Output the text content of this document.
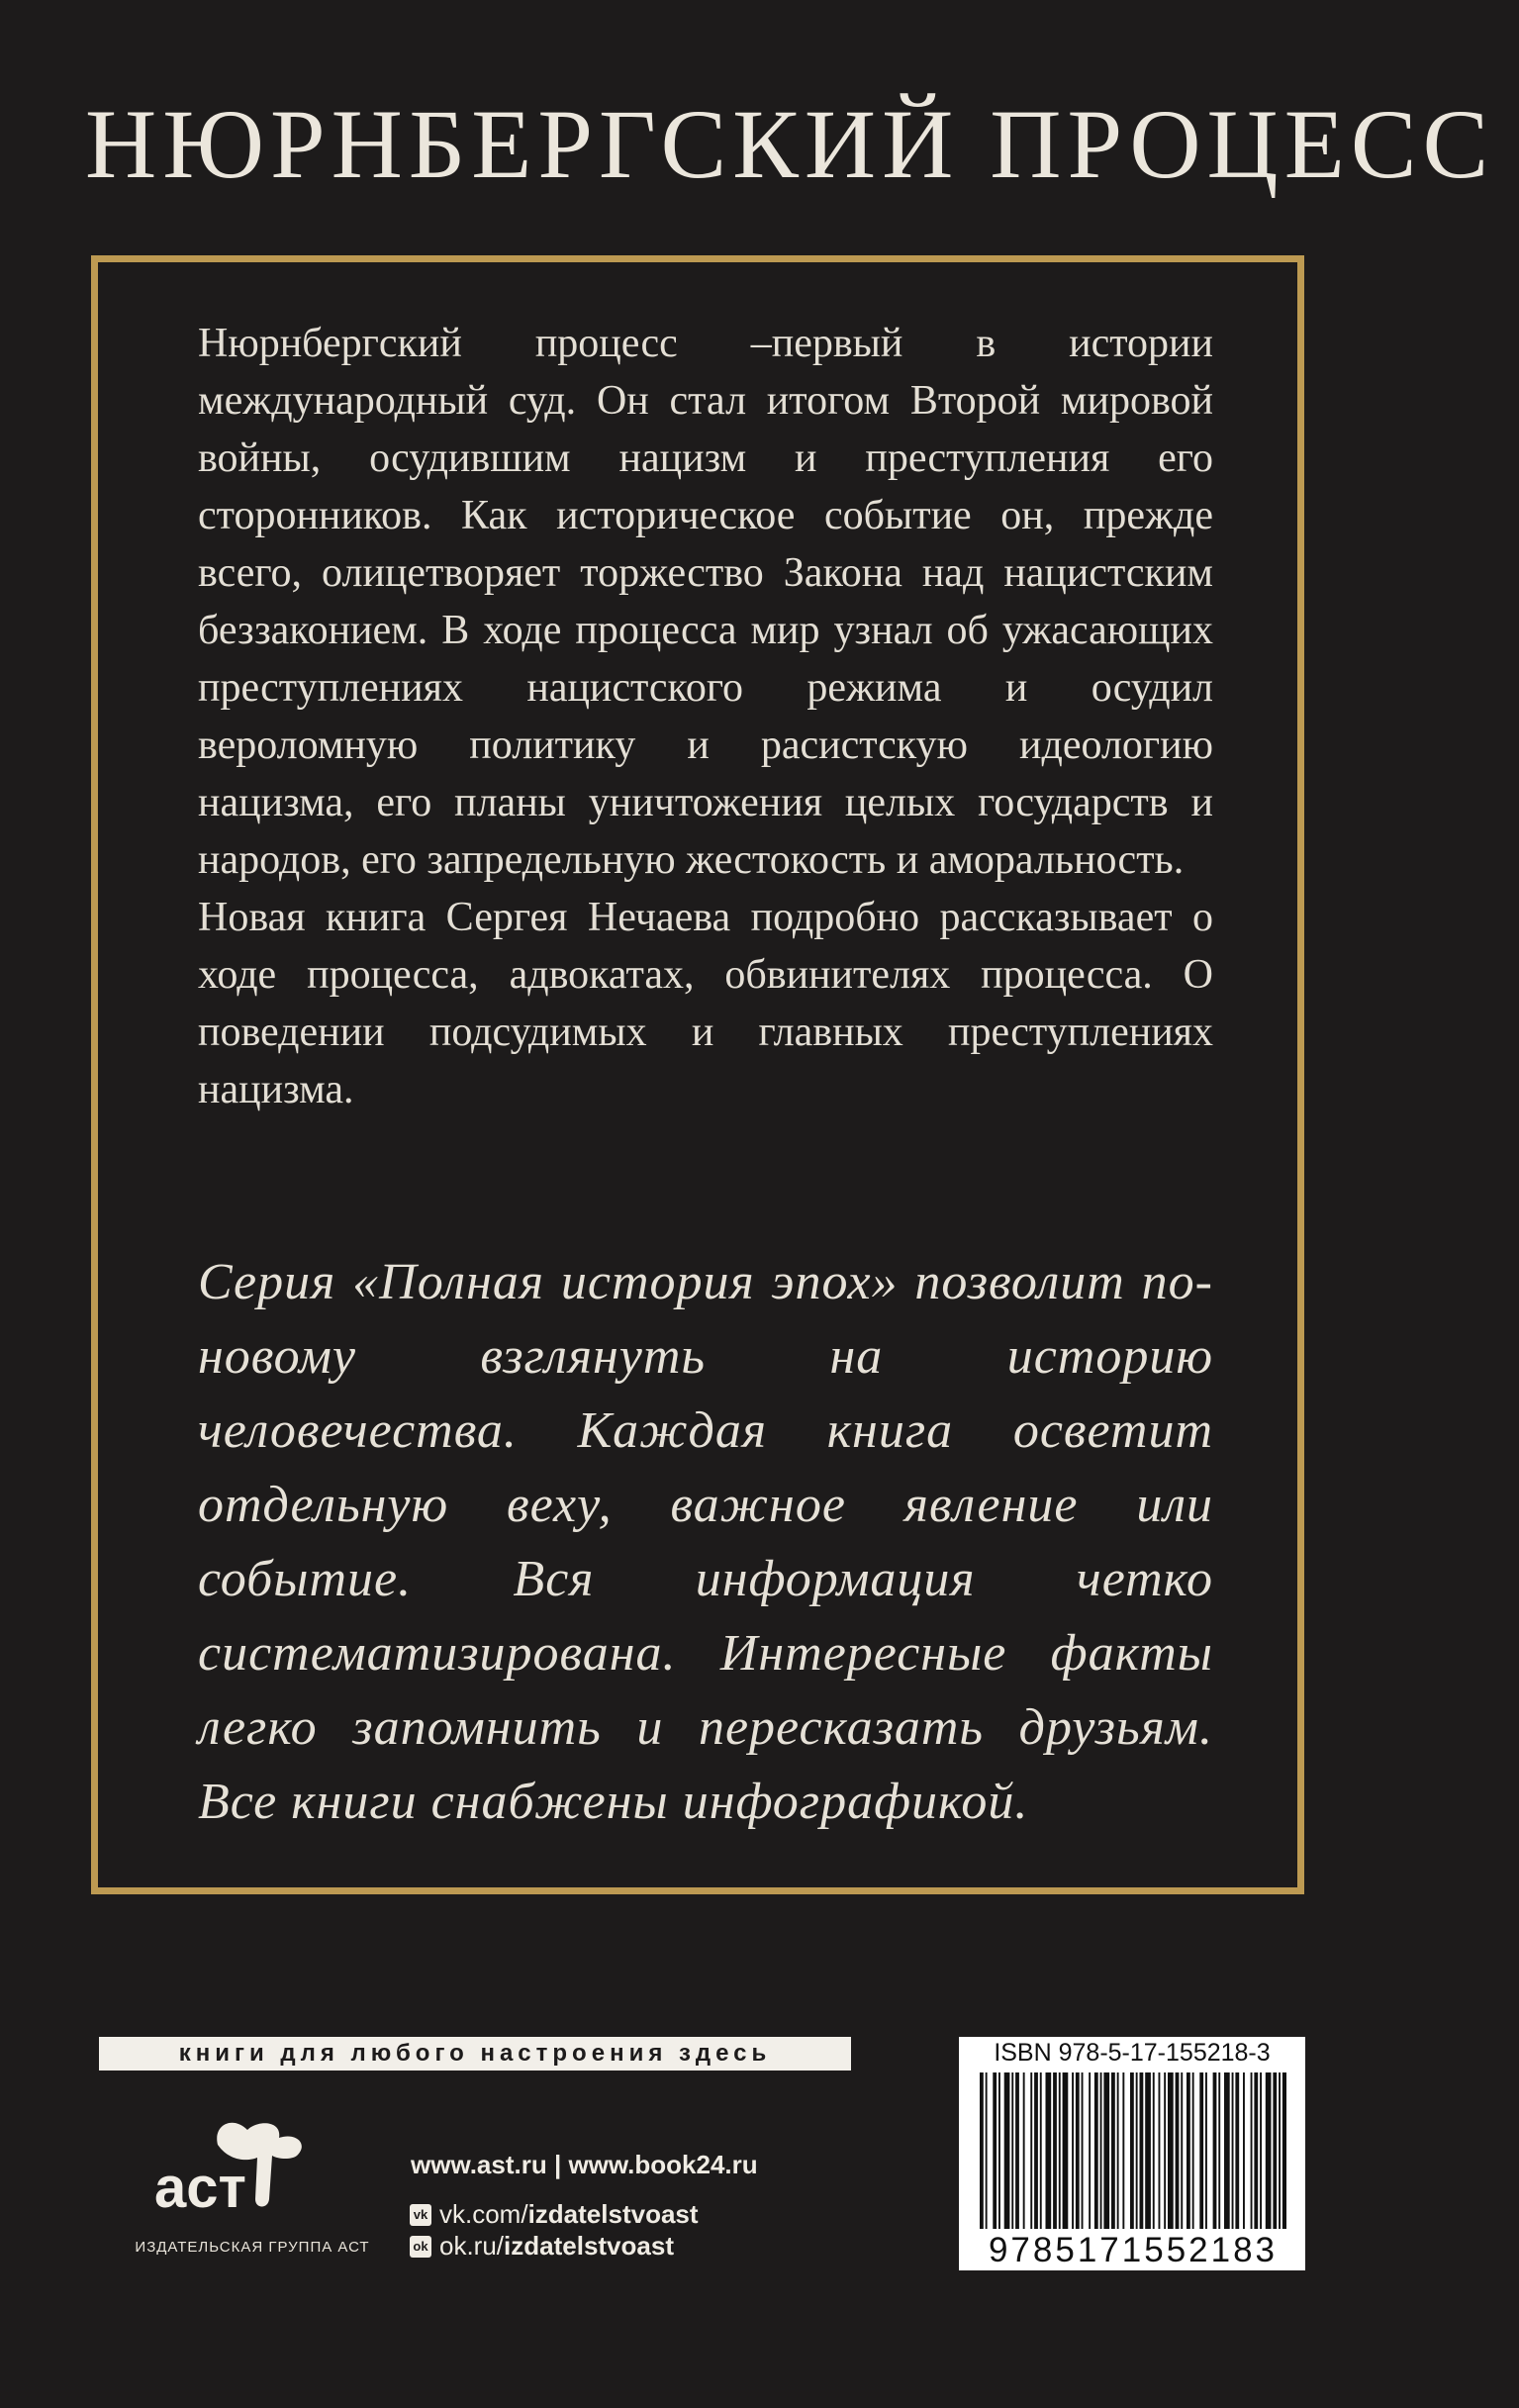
НЮРНБЕРГСКИЙ ПРОЦЕСС

Нюрнбергский процесс –первый в истории международный суд. Он стал итогом Второй мировой войны, осудившим нацизм и преступления его сторонников. Как историческое событие он, прежде всего, олицетворяет торжество Закона над нацистским беззаконием. В ходе процесса мир узнал об ужасающих преступлениях нацистского режима и осудил вероломную политику и расистскую идеологию нацизма, его планы уничтожения целых государств и народов, его запредельную жестокость и аморальность.

Новая книга Сергея Нечаева подробно рассказывает о ходе процесса, адвокатах, обвинителях процесса. О поведении подсудимых и главных преступлениях нацизма.

Серия «Полная история эпох» позволит по-новому взглянуть на историю человечества. Каждая книга осветит отдельную веху, важное явление или событие. Вся информация четко систематизирована. Интересные факты легко запомнить и пересказать друзьям. Все книги снабжены инфографикой.
книги для любого настроения здесь
аст
ИЗДАТЕЛЬСКАЯ ГРУППА АСТ
www.ast.ru | www.book24.ru
vk vk.com/ izdatelstvoast
ok ok.ru/ izdatelstvoast
ISBN 978-5-17-155218-3
9785171552183
